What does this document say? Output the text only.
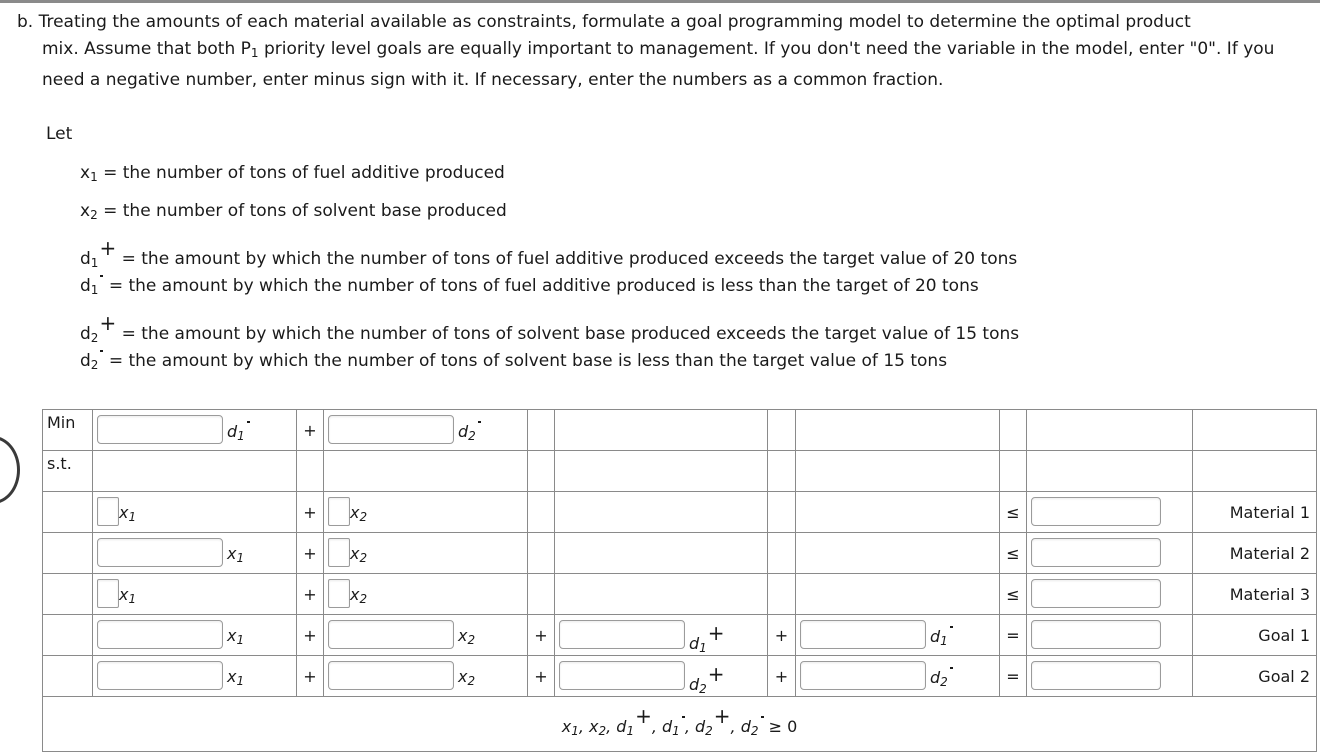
b. Treating the amounts of each material available as constraints, formulate a goal programming model to determine the optimal product
mix. Assume that both $P_1$ priority level goals are equally important to management. If you don't need the variable in the model, enter "0". If you need a negative number, enter minus sign with it. If necessary, enter the numbers as a common fraction.

Let
$x_1$ = the number of tons of fuel additive produced
$x_2$ = the number of tons of solvent base produced
$d_1+$ = the amount by which the number of tons of fuel additive produced exceeds the target value of 20 tons
$d_1$ = the amount by which the number of tons of fuel additive produced is less than the target of 20 tons
$d_2+$ = the amount by which the number of tons of solvent base produced exceeds the target value of 15 tons
$d_2$ = the amount by which the number of tons of solvent base is less than the target value of 15 tons
Min	$d_1$	+	$d_2$

s.t.										

	$x_1$	+	$x_2$					≤		Material 1

	$x_1$	+	$x_2$					≤		Material 2

	$x_1$	+	$x_2$					≤		Material 3

	$x_1$	+	$x_2$	+	$d_1+$	+	$d_1$	=		Goal 1

	$x_1$	+	$x_2$	+	$d_2+$	+	$d_2$	=		Goal 2
$x_1$, $x_2$, $d_1+$, $d_1$ , $d_2+$, $d_2 \ge 0$										
